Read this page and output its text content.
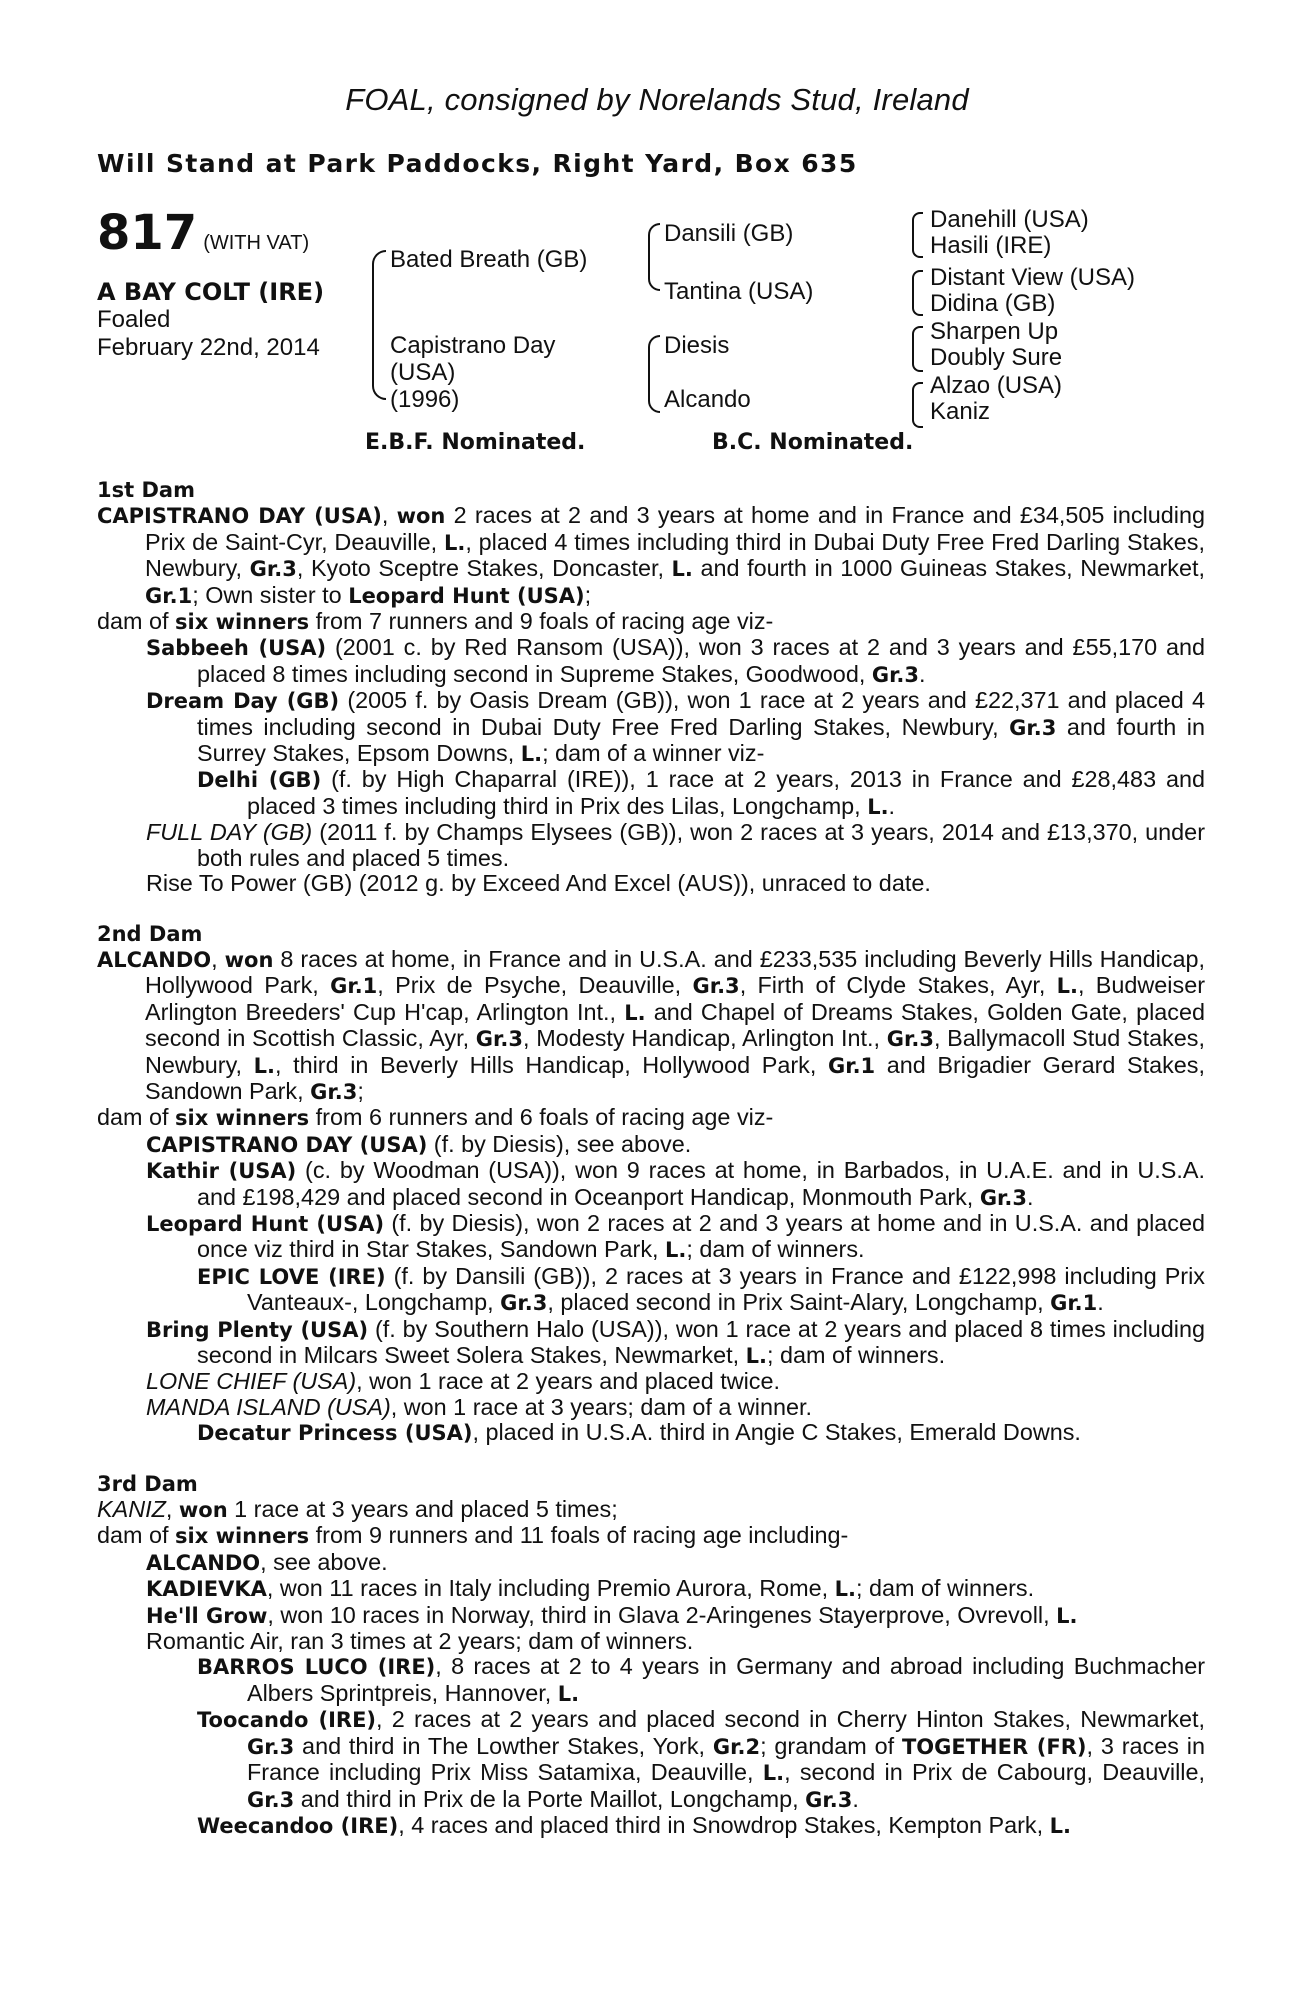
FOAL, consigned by Norelands Stud, Ireland
Will Stand at Park Paddocks, Right Yard, Box 635
817 (WITH VAT)
A BAY COLT (IRE)
Foaled
February 22nd, 2014
Bated Breath (GB)
Capistrano Day
(USA)
(1996)
Dansili (GB)
Tantina (USA)
Diesis
Alcando
Danehill (USA)
Hasili (IRE)
Distant View (USA)
Didina (GB)
Sharpen Up
Doubly Sure
Alzao (USA)
Kaniz
E.B.F. Nominated.	B.C. Nominated.
1st Dam
CAPISTRANO DAY (USA), won 2 races at 2 and 3 years at home and in France and £34,505 including Prix de Saint-Cyr, Deauville, L., placed 4 times including third in Dubai Duty Free Fred Darling Stakes, Newbury, Gr.3, Kyoto Sceptre Stakes, Doncaster, L. and fourth in 1000 Guineas Stakes, Newmarket, Gr.1; Own sister to Leopard Hunt (USA);
dam of six winners from 7 runners and 9 foals of racing age viz-
Sabbeeh (USA) (2001 c. by Red Ransom (USA)), won 3 races at 2 and 3 years and £55,170 and placed 8 times including second in Supreme Stakes, Goodwood, Gr.3.
Dream Day (GB) (2005 f. by Oasis Dream (GB)), won 1 race at 2 years and £22,371 and placed 4 times including second in Dubai Duty Free Fred Darling Stakes, Newbury, Gr.3 and fourth in Surrey Stakes, Epsom Downs, L.; dam of a winner viz-
Delhi (GB) (f. by High Chaparral (IRE)), 1 race at 2 years, 2013 in France and £28,483 and placed 3 times including third in Prix des Lilas, Longchamp, L..
FULL DAY (GB) (2011 f. by Champs Elysees (GB)), won 2 races at 3 years, 2014 and £13,370, under both rules and placed 5 times.
Rise To Power (GB) (2012 g. by Exceed And Excel (AUS)), unraced to date.
2nd Dam
ALCANDO, won 8 races at home, in France and in U.S.A. and £233,535 including Beverly Hills Handicap, Hollywood Park, Gr.1, Prix de Psyche, Deauville, Gr.3, Firth of Clyde Stakes, Ayr, L., Budweiser Arlington Breeders' Cup H'cap, Arlington Int., L. and Chapel of Dreams Stakes, Golden Gate, placed second in Scottish Classic, Ayr, Gr.3, Modesty Handicap, Arlington Int., Gr.3, Ballymacoll Stud Stakes, Newbury, L., third in Beverly Hills Handicap, Hollywood Park, Gr.1 and Brigadier Gerard Stakes, Sandown Park, Gr.3;
dam of six winners from 6 runners and 6 foals of racing age viz-
CAPISTRANO DAY (USA) (f. by Diesis), see above.
Kathir (USA) (c. by Woodman (USA)), won 9 races at home, in Barbados, in U.A.E. and in U.S.A. and £198,429 and placed second in Oceanport Handicap, Monmouth Park, Gr.3.
Leopard Hunt (USA) (f. by Diesis), won 2 races at 2 and 3 years at home and in U.S.A. and placed once viz third in Star Stakes, Sandown Park, L.; dam of winners.
EPIC LOVE (IRE) (f. by Dansili (GB)), 2 races at 3 years in France and £122,998 including Prix Vanteaux-, Longchamp, Gr.3, placed second in Prix Saint-Alary, Longchamp, Gr.1.
Bring Plenty (USA) (f. by Southern Halo (USA)), won 1 race at 2 years and placed 8 times including second in Milcars Sweet Solera Stakes, Newmarket, L.; dam of winners.
LONE CHIEF (USA), won 1 race at 2 years and placed twice.
MANDA ISLAND (USA), won 1 race at 3 years; dam of a winner.
Decatur Princess (USA), placed in U.S.A. third in Angie C Stakes, Emerald Downs.
3rd Dam
KANIZ, won 1 race at 3 years and placed 5 times;
dam of six winners from 9 runners and 11 foals of racing age including-
ALCANDO, see above.
KADIEVKA, won 11 races in Italy including Premio Aurora, Rome, L.; dam of winners.
He'll Grow, won 10 races in Norway, third in Glava 2-Aringenes Stayerprove, Ovrevoll, L.
Romantic Air, ran 3 times at 2 years; dam of winners.
BARROS LUCO (IRE), 8 races at 2 to 4 years in Germany and abroad including Buchmacher Albers Sprintpreis, Hannover, L.
Toocando (IRE), 2 races at 2 years and placed second in Cherry Hinton Stakes, Newmarket, Gr.3 and third in The Lowther Stakes, York, Gr.2; grandam of TOGETHER (FR), 3 races in France including Prix Miss Satamixa, Deauville, L., second in Prix de Cabourg, Deauville, Gr.3 and third in Prix de la Porte Maillot, Longchamp, Gr.3.
Weecandoo (IRE), 4 races and placed third in Snowdrop Stakes, Kempton Park, L.
